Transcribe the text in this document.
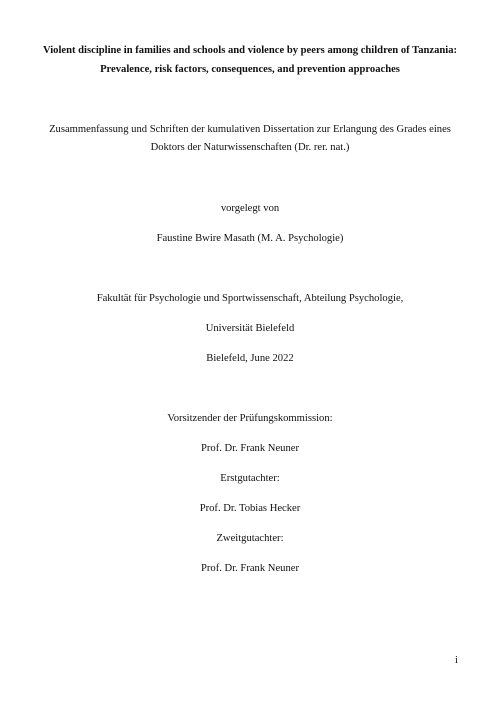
Violent discipline in families and schools and violence by peers among children of Tanzania:
Prevalence, risk factors, consequences, and prevention approaches
Zusammenfassung und Schriften der kumulativen Dissertation zur Erlangung des Grades eines
Doktors der Naturwissenschaften (Dr. rer. nat.)
vorgelegt von
Faustine Bwire Masath (M. A. Psychologie)
Fakultät für Psychologie und Sportwissenschaft, Abteilung Psychologie,
Universität Bielefeld
Bielefeld, June 2022
Vorsitzender der Prüfungskommission:
Prof. Dr. Frank Neuner
Erstgutachter:
Prof. Dr. Tobias Hecker
Zweitgutachter:
Prof. Dr. Frank Neuner
i
